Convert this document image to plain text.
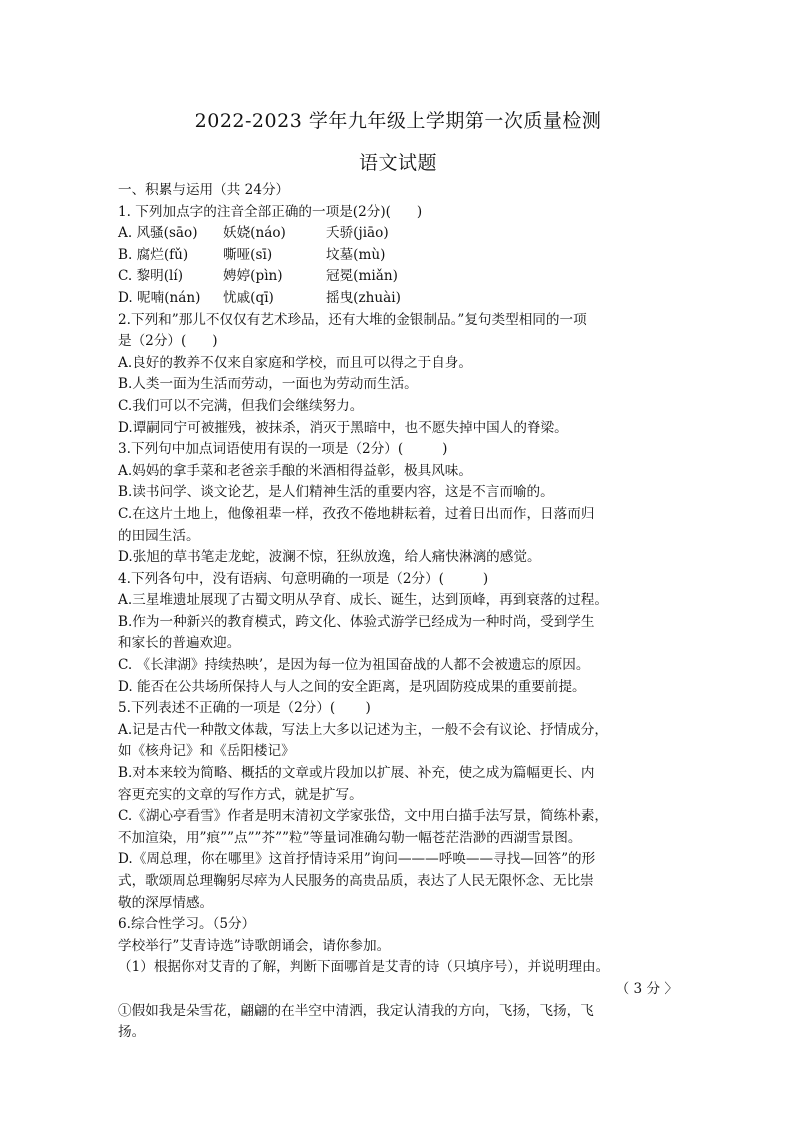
2022-2023 学年九年级上学期第一次质量检测
语文试题
一、积累与运用（共 24分）
1. 下列加点字的注音全部正确的一项是(2分)(      )
A. 风骚(sāo) 妖娆(náo)	夭骄(jiāo)
B. 腐烂(fǔ)	嘶哑(sī)	坟墓(mù)
C. 黎明(lí)	娉婷(pìn)	冠冕(miǎn)
D. 呢喃(nán) 忧戚(qī)	摇曳(zhuài)
2.下列和”那儿不仅仅有艺术珍品，还有大堆的金银制品。”复句类型相同的一项
是（2分）(      )
A.良好的教养不仅来自家庭和学校，而且可以得之于自身。
B.人类一面为生活而劳动，一面也为劳动而生活。
C.我们可以不完满，但我们会继续努力。
D.谭嗣同宁可被摧残，被抹杀，消灭于黑暗中，也不愿失掉中国人的脊梁。
3.下列句中加点词语使用有误的一项是（2分）(         )
A.妈妈的拿手菜和老爸亲手酿的米酒相得益彰，极具风味。
B.读书问学、谈文论艺，是人们精神生活的重要内容，这是不言而喻的。
C.在这片土地上，他像祖辈一样，孜孜不倦地耕耘着，过着日出而作，日落而归
的田园生活。
D.张旭的草书笔走龙蛇，波澜不惊，狂纵放逸，给人痛快淋漓的感觉。
4.下列各句中，没有语病、句意明确的一项是（2分）(         )
A.三星堆遗址展现了古蜀文明从孕育、成长、诞生，达到顶峰，再到衰落的过程。
B.作为一种新兴的教育模式，跨文化、体验式游学已经成为一种时尚，受到学生
和家长的普遍欢迎。
C. 《长津湖》持续热映’，是因为每一位为祖国奋战的人都不会被遗忘的原因。
D. 能否在公共场所保持人与人之间的安全距离，是巩固防疫成果的重要前提。
5.下列表述不正确的一项是（2分）(       )
A.记是古代一种散文体裁，写法上大多以记述为主，一般不会有议论、抒情成分，
如《核舟记》和《岳阳楼记》
B.对本来较为简略、概括的文章或片段加以扩展、补充，使之成为篇幅更长、内
容更充实的文章的写作方式，就是扩写。
C.《湖心亭看雪》作者是明末清初文学家张岱，文中用白描手法写景，简练朴素，
不加渲染，用”痕””点””芥””粒”等量词准确勾勒一幅苍茫浩渺的西湖雪景图。
D.《周总理，你在哪里》这首抒情诗采用”询问———呼唤——寻找—回答”的形
式，歌颂周总理鞠躬尽瘁为人民服务的高贵品质，表达了人民无限怀念、无比崇
敬的深厚情感。
6.综合性学习。（5分）
学校举行”艾青诗选”诗歌朗诵会，请你参加。
（1）根据你对艾青的了解，判断下面哪首是艾青的诗（只填序号），并说明理由。
（ 3 分 〉
①假如我是朵雪花，翩翩的在半空中清洒，我定认清我的方向，飞扬，飞扬，飞
扬。
